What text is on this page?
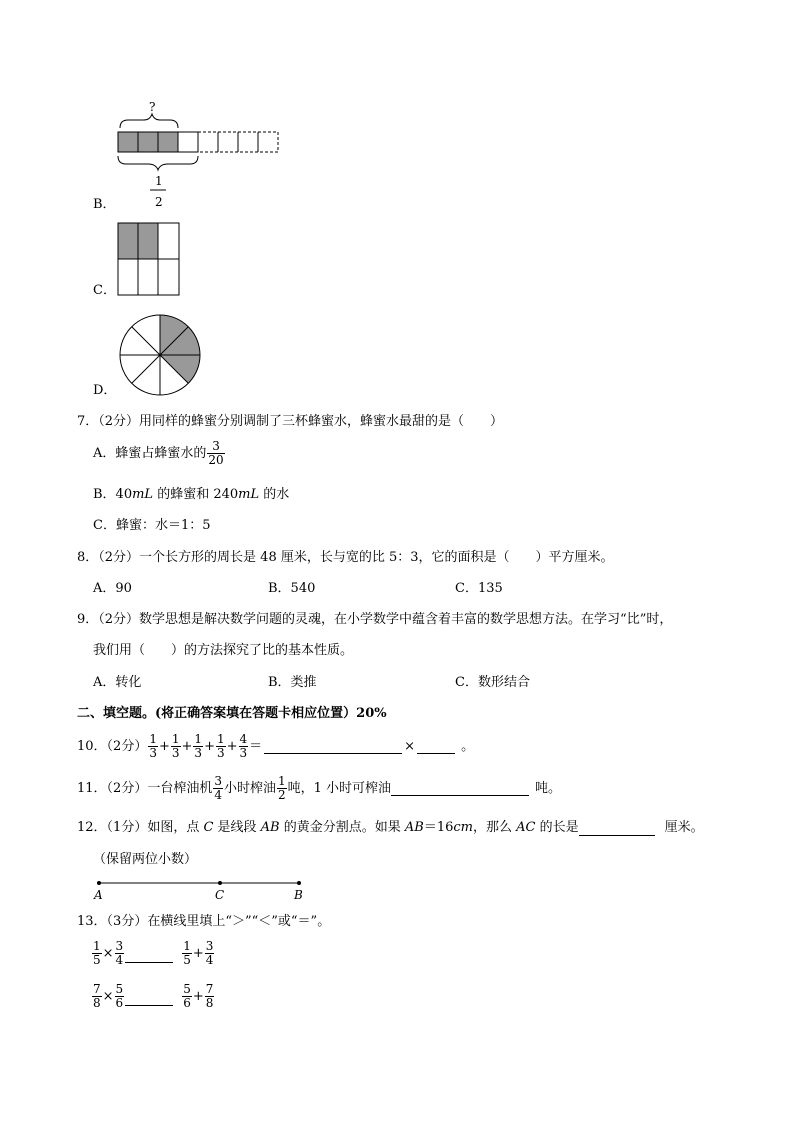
?
1
2
B．
C．
D．
7．（2分）用同样的蜂蜜分别调制了三杯蜂蜜水，蜂蜜水最甜的是（　　）
A．蜂蜜占蜂蜜水的 $\frac{3}{20}$
B．40mL 的蜂蜜和 240mL 的水
C．蜂蜜：水＝1：5
8．（2分）一个长方形的周长是 48 厘米，长与宽的比 5：3，它的面积是（　　）平方厘米。
A．90	B．540	C．135
9．（2分）数学思想是解决数学问题的灵魂，在小学数学中蕴含着丰富的数学思想方法。在学习“比”时，
我们用（　　）的方法探究了比的基本性质。
A．转化	B．类推	C．数形结合
二、填空题。(将正确答案填在答题卡相应位置）20%
10．（2分） $\frac{1}{3} + \frac{1}{3} + \frac{1}{3} + \frac{1}{3} + \frac{4}{3}$ ＝	×	。
11．（2分）一台榨油机 $\frac{3}{4}$ 小时榨油 $\frac{1}{2}$ 吨，1 小时可榨油	吨。
12．（1分）如图，点 C 是线段 AB 的黄金分割点。如果 AB＝16cm，那么 AC 的长是	厘米。
（保留两位小数）
A	C	B
13．（3分）在横线里填上“＞”“＜”或“＝”。
$\frac{1}{5} \times \frac{3}{4}$	$\frac{1}{5} + \frac{3}{4}$
$\frac{7}{8} \times \frac{5}{6}$	$\frac{5}{6} + \frac{7}{8}$
